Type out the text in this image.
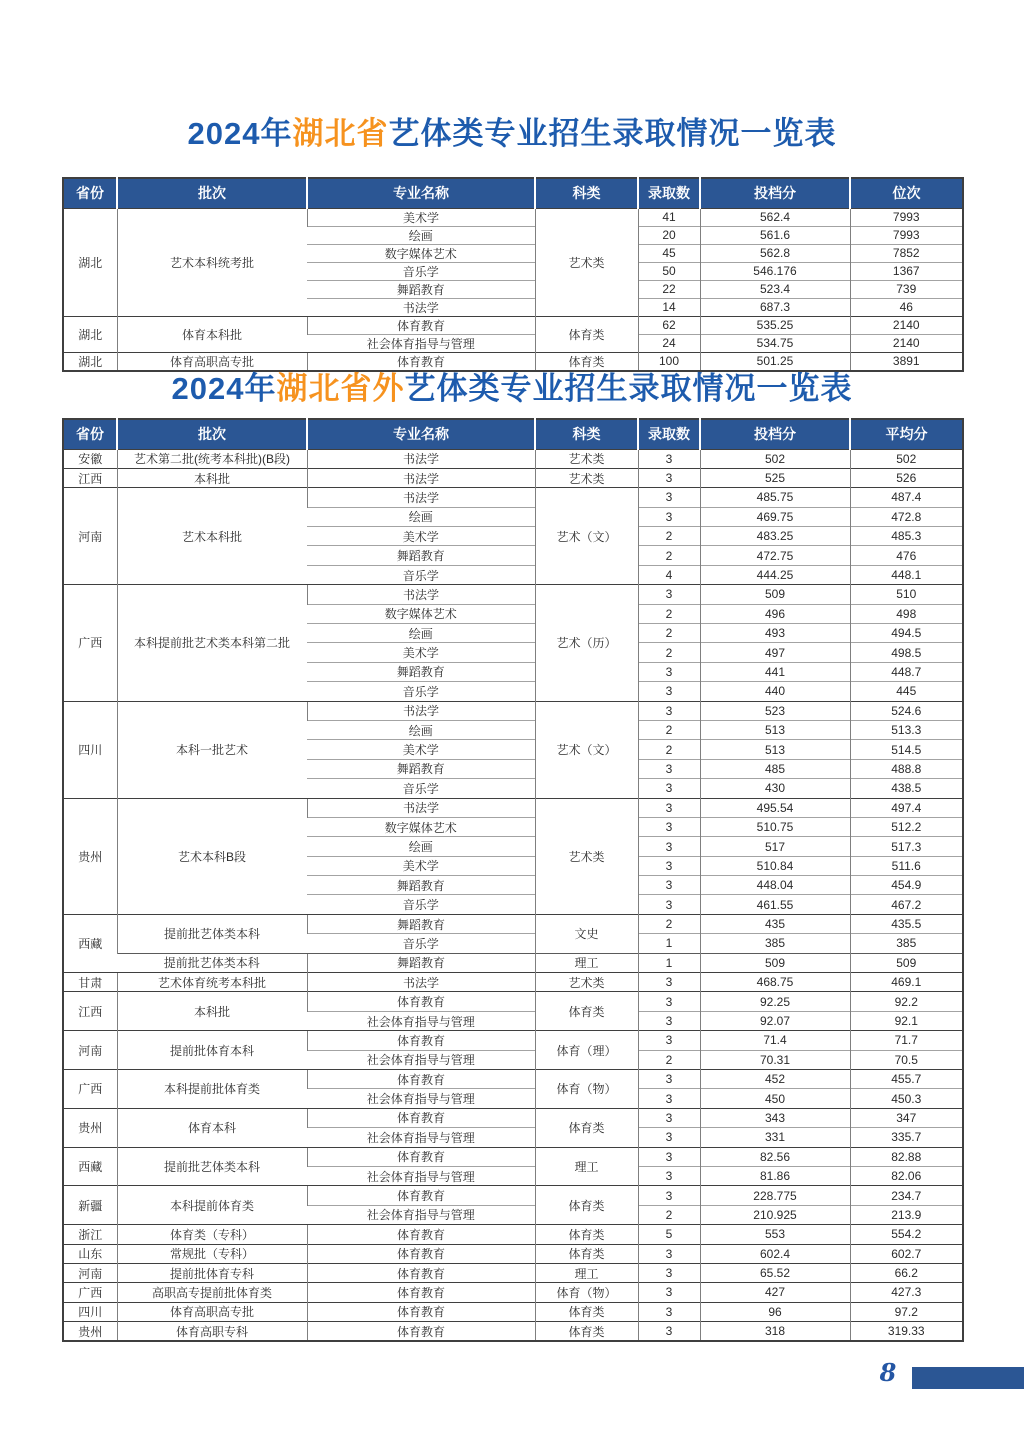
2024年湖北省艺体类专业招生录取情况一览表
省份	批次	专业名称	科类	录取数	投档分	位次
湖北	艺术本科统考批	美术学	艺术类	41	562.4	7993
		绘画		20	561.6	7993
		数字媒体艺术		45	562.8	7852
		音乐学		50	546.176	1367
		舞蹈教育		22	523.4	739
		书法学		14	687.3	46
湖北	体育本科批	体育教育	体育类	62	535.25	2140
		社会体育指导与管理		24	534.75	2140
湖北	体育高职高专批	体育教育	体育类	100	501.25	3891
2024年湖北省外艺体类专业招生录取情况一览表
省份	批次	专业名称	科类	录取数	投档分	平均分
安徽	艺术第二批(统考本科批)(B段)	书法学	艺术类	3	502	502
江西	本科批	书法学	艺术类	3	525	526
河南	艺术本科批	书法学	艺术（文）	3	485.75	487.4
		绘画		3	469.75	472.8
		美术学		2	483.25	485.3
		舞蹈教育		2	472.75	476
		音乐学		4	444.25	448.1
广西	本科提前批艺术类本科第二批	书法学	艺术（历）	3	509	510
		数字媒体艺术		2	496	498
		绘画		2	493	494.5
		美术学		2	497	498.5
		舞蹈教育		3	441	448.7
		音乐学		3	440	445
四川	本科一批艺术	书法学	艺术（文）	3	523	524.6
		绘画		2	513	513.3
		美术学		2	513	514.5
		舞蹈教育		3	485	488.8
		音乐学		3	430	438.5
贵州	艺术本科B段	书法学	艺术类	3	495.54	497.4
		数字媒体艺术		3	510.75	512.2
		绘画		3	517	517.3
		美术学		3	510.84	511.6
		舞蹈教育		3	448.04	454.9
		音乐学		3	461.55	467.2
西藏	提前批艺体类本科	舞蹈教育	文史	2	435	435.5
		音乐学		1	385	385
	提前批艺体类本科	舞蹈教育	理工	1	509	509
甘肃	艺术体育统考本科批	书法学	艺术类	3	468.75	469.1
江西	本科批	体育教育	体育类	3	92.25	92.2
		社会体育指导与管理		3	92.07	92.1
河南	提前批体育本科	体育教育	体育（理）	3	71.4	71.7
		社会体育指导与管理		2	70.31	70.5
广西	本科提前批体育类	体育教育	体育（物）	3	452	455.7
		社会体育指导与管理		3	450	450.3
贵州	体育本科	体育教育	体育类	3	343	347
		社会体育指导与管理		3	331	335.7
西藏	提前批艺体类本科	体育教育	理工	3	82.56	82.88
		社会体育指导与管理		3	81.86	82.06
新疆	本科提前体育类	体育教育	体育类	3	228.775	234.7
		社会体育指导与管理		2	210.925	213.9
浙江	体育类（专科）	体育教育	体育类	5	553	554.2
山东	常规批（专科）	体育教育	体育类	3	602.4	602.7
河南	提前批体育专科	体育教育	理工	3	65.52	66.2
广西	高职高专提前批体育类	体育教育	体育（物）	3	427	427.3
四川	体育高职高专批	体育教育	体育类	3	96	97.2
贵州	体育高职专科	体育教育	体育类	3	318	319.33
8
